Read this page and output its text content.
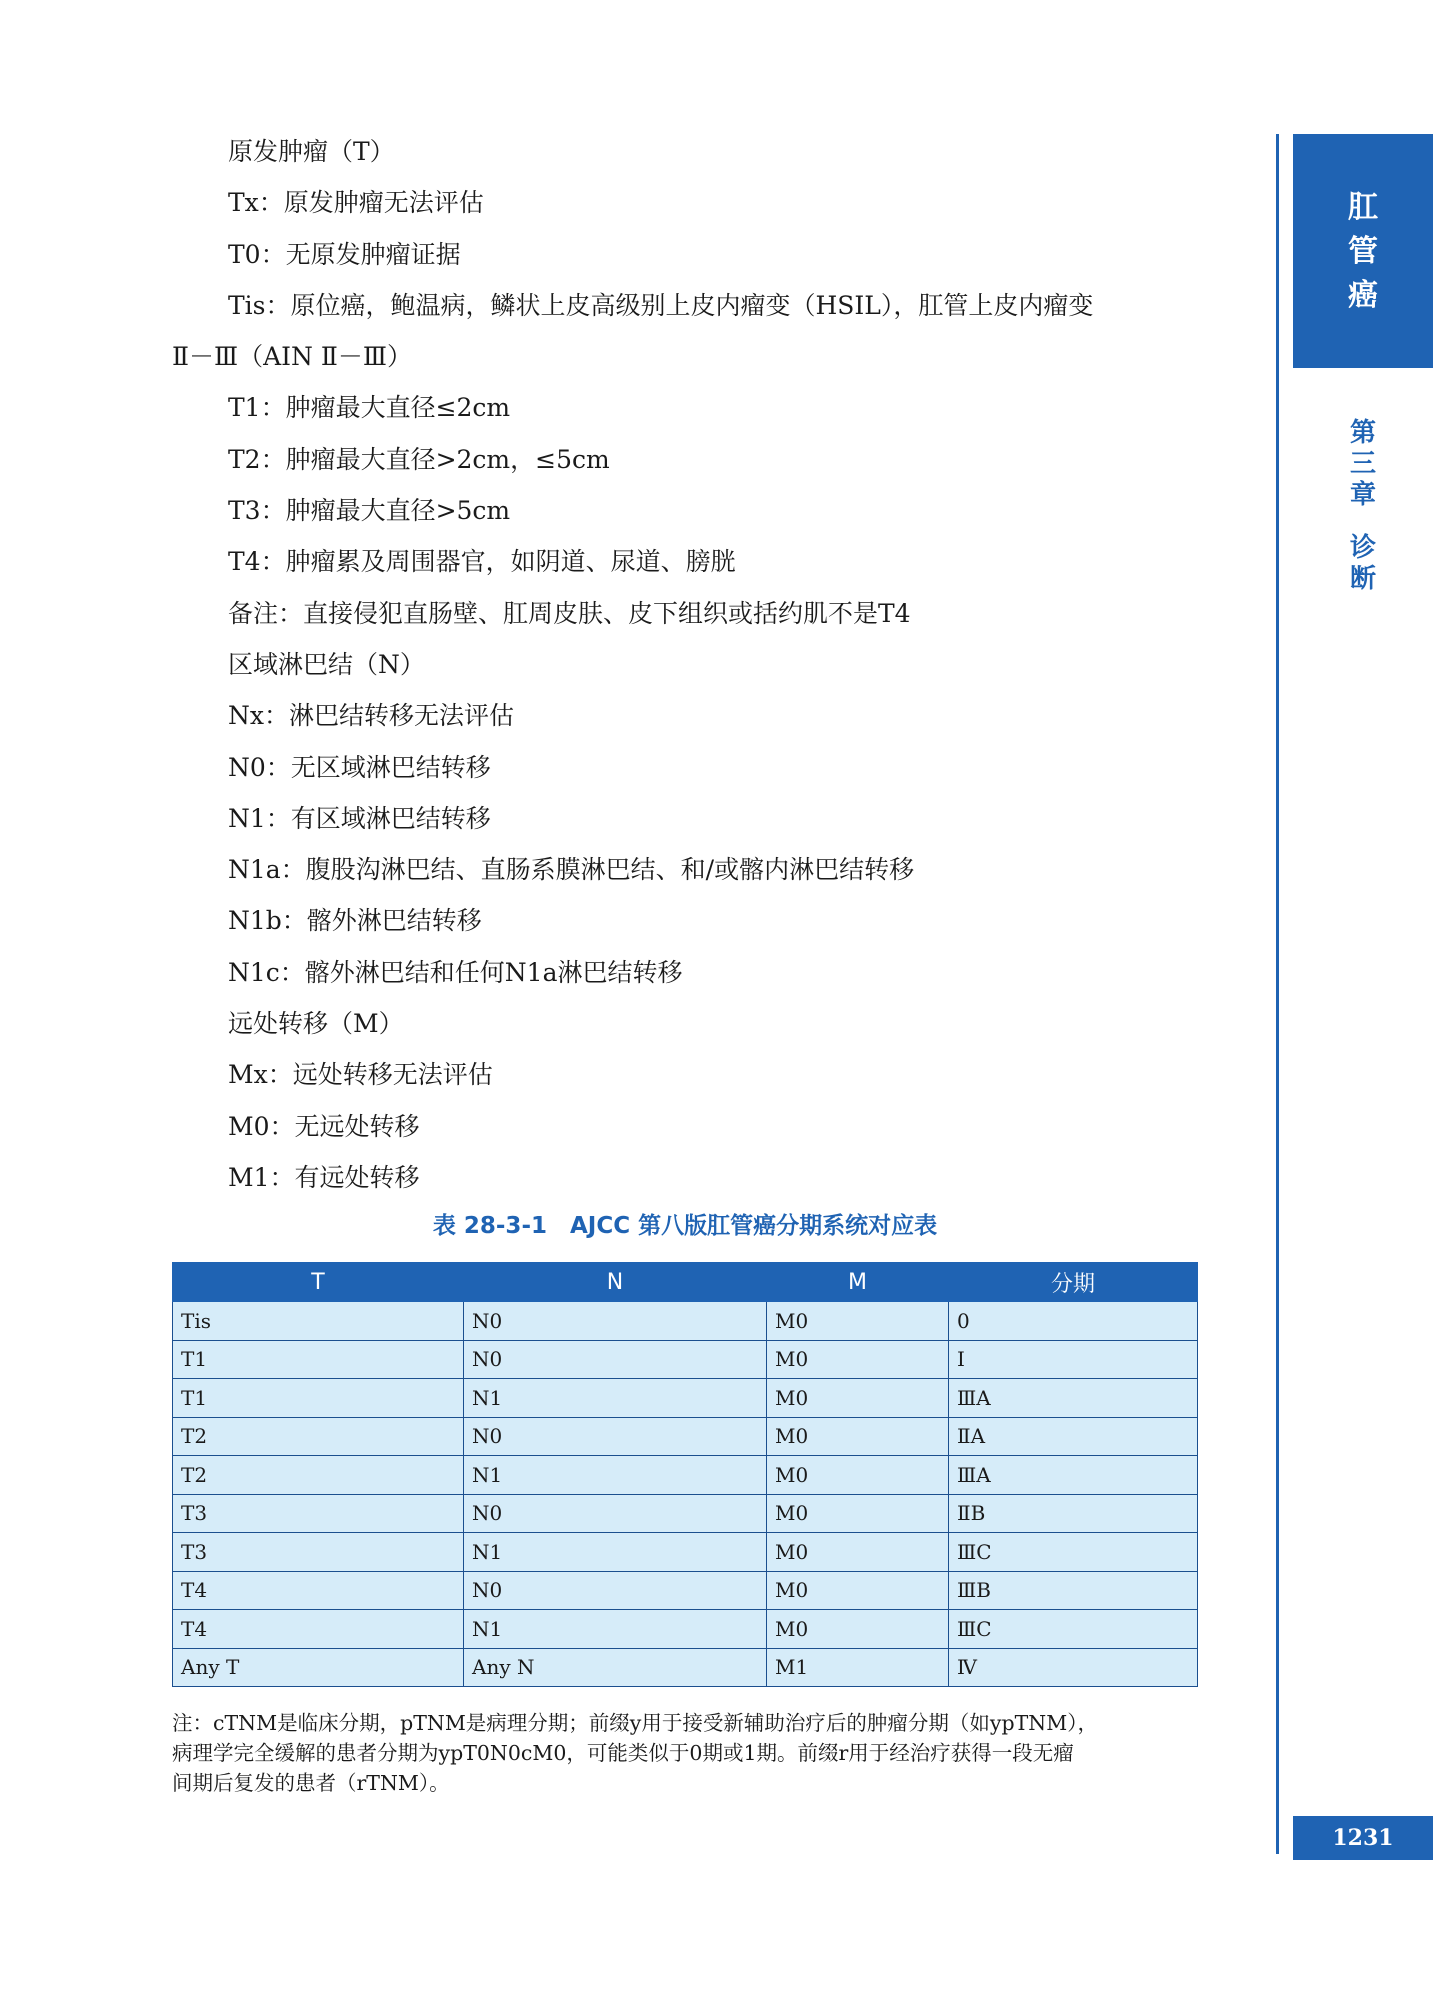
肛
管
癌
第
三
章
诊
断
1231
原发肿瘤（T）
Tx：原发肿瘤无法评估
T0：无原发肿瘤证据
Tis：原位癌，鲍温病，鳞状上皮高级别上皮内瘤变（HSIL），肛管上皮内瘤变
Ⅱ－Ⅲ（AIN Ⅱ－Ⅲ）
T1：肿瘤最大直径≤2cm
T2：肿瘤最大直径>2cm，≤5cm
T3：肿瘤最大直径>5cm
T4：肿瘤累及周围器官，如阴道、尿道、膀胱
备注：直接侵犯直肠壁、肛周皮肤、皮下组织或括约肌不是T4
区域淋巴结（N）
Nx：淋巴结转移无法评估
N0：无区域淋巴结转移
N1：有区域淋巴结转移
N1a：腹股沟淋巴结、直肠系膜淋巴结、和/或髂内淋巴结转移
N1b：髂外淋巴结转移
N1c：髂外淋巴结和任何N1a淋巴结转移
远处转移（M）
Mx：远处转移无法评估
M0：无远处转移
M1：有远处转移
表 28-3-1　AJCC 第八版肛管癌分期系统对应表
T	N	M	分期
Tis	N0	M0	0
T1	N0	M0	Ⅰ
T1	N1	M0	ⅢA
T2	N0	M0	ⅡA
T2	N1	M0	ⅢA
T3	N0	M0	ⅡB
T3	N1	M0	ⅢC
T4	N0	M0	ⅢB
T4	N1	M0	ⅢC
Any T	Any N	M1	Ⅳ

注：cTNM是临床分期，pTNM是病理分期；前缀y用于接受新辅助治疗后的肿瘤分期（如ypTNM），

病理学完全缓解的患者分期为ypT0N0cM0，可能类似于0期或1期。前缀r用于经治疗获得一段无瘤

间期后复发的患者（rTNM）。
